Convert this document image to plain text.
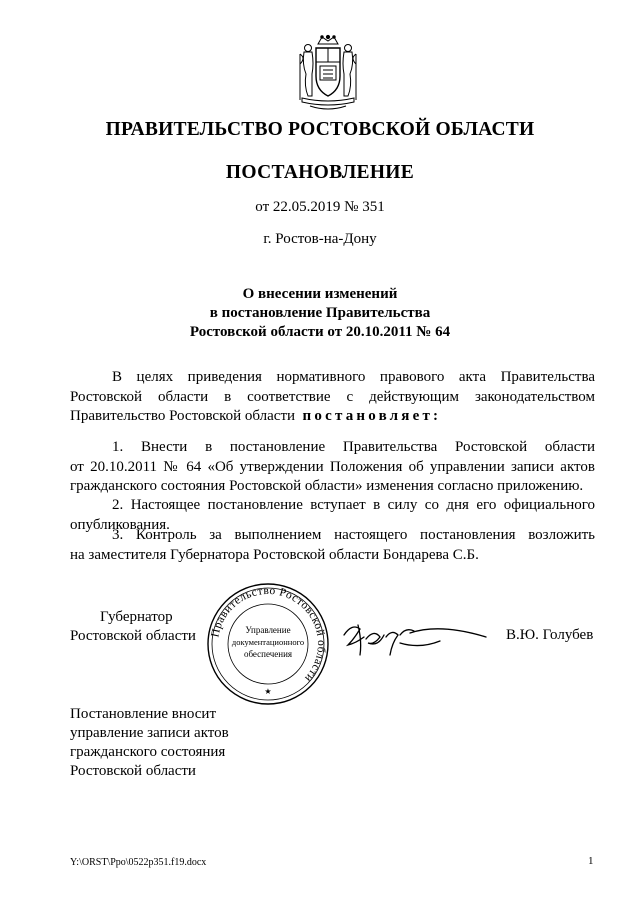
ПРАВИТЕЛЬСТВО РОСТОВСКОЙ ОБЛАСТИ
ПОСТАНОВЛЕНИЕ
от 22.05.2019 № 351
г. Ростов-на-Дону
О внесении изменений
в постановление Правительства
Ростовской области от 20.10.2011 № 64
В целях приведения нормативного правового акта Правительства
Ростовской области в соответствие с действующим законодательством
Правительство Ростовской области постановляет:
1. Внести в постановление Правительства Ростовской области
от 20.10.2011 № 64 «Об утверждении Положения об управлении записи актов
гражданского состояния Ростовской области» изменения согласно приложению.
2. Настоящее постановление вступает в силу со дня его официального
опубликования.
3. Контроль за выполнением настоящего постановления возложить
на заместителя Губернатора Ростовской области Бондарева С.Б.
Губернатор
Ростовской области	В.Ю. Голубев
Правительство Ростовской области
Управление
документационного
обеспечения
★
Постановление вносит
управление записи актов
гражданского состояния
Ростовской области
Y:\ORST\Ppo\0522p351.f19.docx	1
